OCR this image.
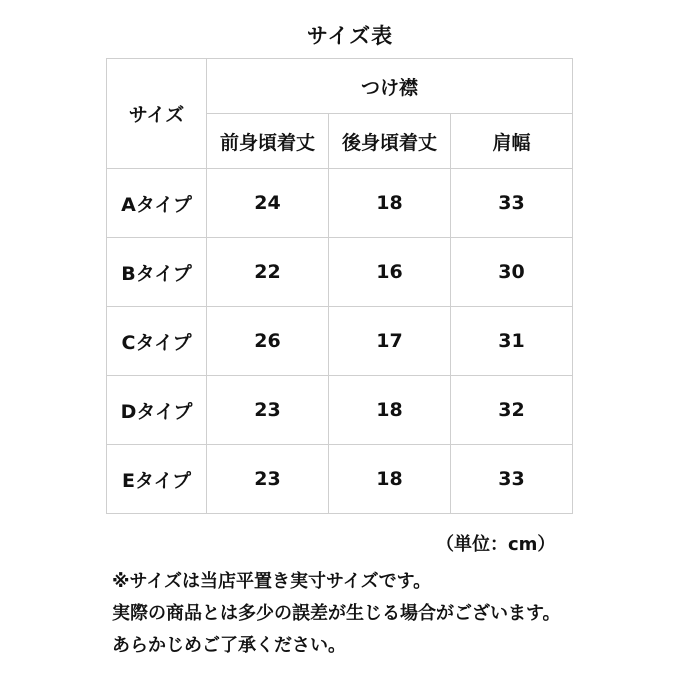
サイズ表
サイズ	つけ襟		
	前身頃着丈	後身頃着丈	肩幅
Aタイプ	24	18	33
Bタイプ	22	16	30
Cタイプ	26	17	31
Dタイプ	23	18	32
Eタイプ	23	18	33
（単位：cm）
※サイズは当店平置き実寸サイズです。
実際の商品とは多少の誤差が生じる場合がございます。
あらかじめご了承ください。
